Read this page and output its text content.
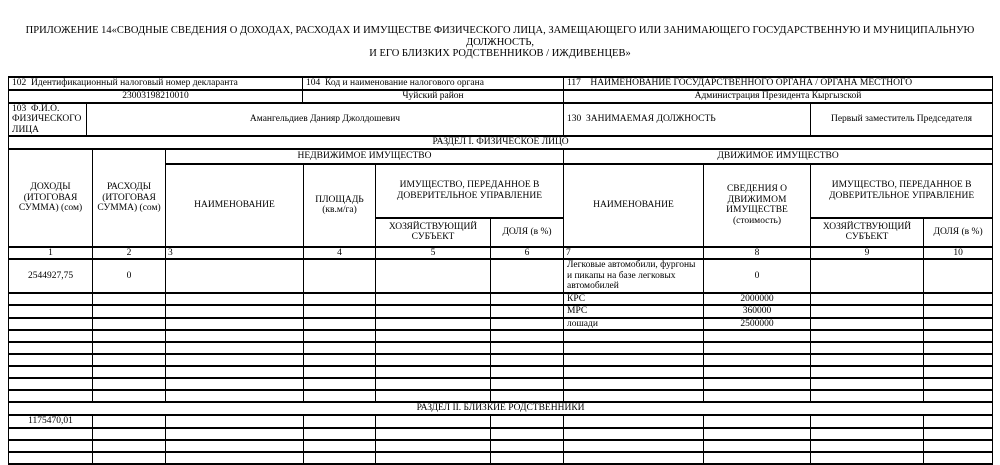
ПРИЛОЖЕНИЕ 14«СВОДНЫЕ СВЕДЕНИЯ О ДОХОДАХ, РАСХОДАХ И ИМУЩЕСТВЕ ФИЗИЧЕСКОГО ЛИЦА, ЗАМЕЩАЮЩЕГО ИЛИ ЗАНИМАЮЩЕГО ГОСУДАРСТВЕННУЮ И МУНИЦИПАЛЬНУЮ ДОЛЖНОСТЬ,
И ЕГО БЛИЗКИХ РОДСТВЕННИКОВ / ИЖДИВЕНЦЕВ»
102  Идентификационный налоговый номер декларанта		104  Код и наименование налогового органа	117    НАИМЕНОВАНИЕ ГОСУДАРСТВЕННОГО ОРГАНА / ОРГАНА МЕСТНОГО	
23003198210010		Чуйский район	Администрация Президента Кыргызской	
103  Ф.И.О. ФИЗИЧЕСКОГО ЛИЦА	Амангельдиев Данияр Джолдошевич		130  ЗАНИМАЕМАЯ ДОЛЖНОСТЬ	Первый заместитель Председателя
РАЗДЕЛ I. ФИЗИЧЕСКОЕ ЛИЦО									
ДОХОДЫ (ИТОГОВАЯ СУММА) (сом)	РАСХОДЫ (ИТОГОВАЯ СУММА) (сом)	НЕДВИЖИМОЕ ИМУЩЕСТВО				ДВИЖИМОЕ ИМУЩЕСТВО			
		НАИМЕНОВАНИЕ	ПЛОЩАДЬ (кв.м/га)	ИМУЩЕСТВО, ПЕРЕДАННОЕ В ДОВЕРИТЕЛЬНОЕ УПРАВЛЕНИЕ		НАИМЕНОВАНИЕ	СВЕДЕНИЯ О ДВИЖИМОМ ИМУЩЕСТВЕ (стоимость)	ИМУЩЕСТВО, ПЕРЕДАННОЕ В ДОВЕРИТЕЛЬНОЕ УПРАВЛЕНИЕ	
				ХОЗЯЙСТВУЮЩИЙ СУБЪЕКТ	ДОЛЯ (в %)			ХОЗЯЙСТВУЮЩИЙ СУБЪЕКТ	ДОЛЯ (в %)
1	2	3	4	5	6	7	8	9	10
2544927,75	0					Легковые автомобили, фургоны и пикапы на базе легковых автомобилей	0		
						КРС	2000000		
						МРС	360000		
						лошади	2500000		

РАЗДЕЛ II. БЛИЗКИЕ РОДСТВЕННИКИ									
1175470,01									
